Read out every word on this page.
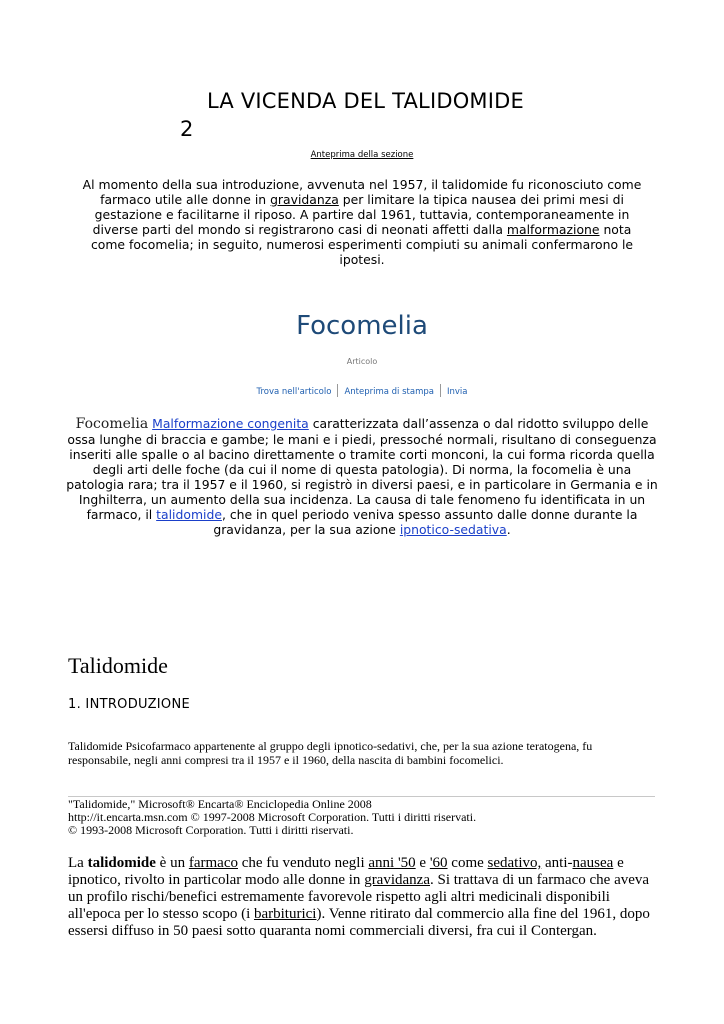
LA VICENDA DEL TALIDOMIDE
2
Anteprima della sezione
Al momento della sua introduzione, avvenuta nel 1957, il talidomide fu riconosciuto come farmaco utile alle donne in gravidanza per limitare la tipica nausea dei primi mesi di gestazione e facilitarne il riposo. A partire dal 1961, tuttavia, contemporaneamente in diverse parti del mondo si registrarono casi di neonati affetti dalla malformazione nota come focomelia; in seguito, numerosi esperimenti compiuti su animali confermarono le ipotesi.
Focomelia
Articolo
Trova nell'articolo Anteprima di stampa Invia
Focomelia Malformazione congenita caratterizzata dall’assenza o dal ridotto sviluppo delle ossa lunghe di braccia e gambe; le mani e i piedi, pressoché normali, risultano di conseguenza inseriti alle spalle o al bacino direttamente o tramite corti monconi, la cui forma ricorda quella degli arti delle foche (da cui il nome di questa patologia). Di norma, la focomelia è una patologia rara; tra il 1957 e il 1960, si registrò in diversi paesi, e in particolare in Germania e in Inghilterra, un aumento della sua incidenza. La causa di tale fenomeno fu identificata in un farmaco, il talidomide, che in quel periodo veniva spesso assunto dalle donne durante la gravidanza, per la sua azione ipnotico-sedativa.
Talidomide
1. INTRODUZIONE
Talidomide Psicofarmaco appartenente al gruppo degli ipnotico-sedativi, che, per la sua azione teratogena, fu responsabile, negli anni compresi tra il 1957 e il 1960, della nascita di bambini focomelici.
"Talidomide," Microsoft® Encarta® Enciclopedia Online 2008
http://it.encarta.msn.com © 1997-2008 Microsoft Corporation. Tutti i diritti riservati.
© 1993-2008 Microsoft Corporation. Tutti i diritti riservati.
La talidomide è un farmaco che fu venduto negli anni '50 e '60 come sedativo, anti-nausea e ipnotico, rivolto in particolar modo alle donne in gravidanza. Si trattava di un farmaco che aveva un profilo rischi/benefici estremamente favorevole rispetto agli altri medicinali disponibili all'epoca per lo stesso scopo (i barbiturici). Venne ritirato dal commercio alla fine del 1961, dopo essersi diffuso in 50 paesi sotto quaranta nomi commerciali diversi, fra cui il Contergan.
